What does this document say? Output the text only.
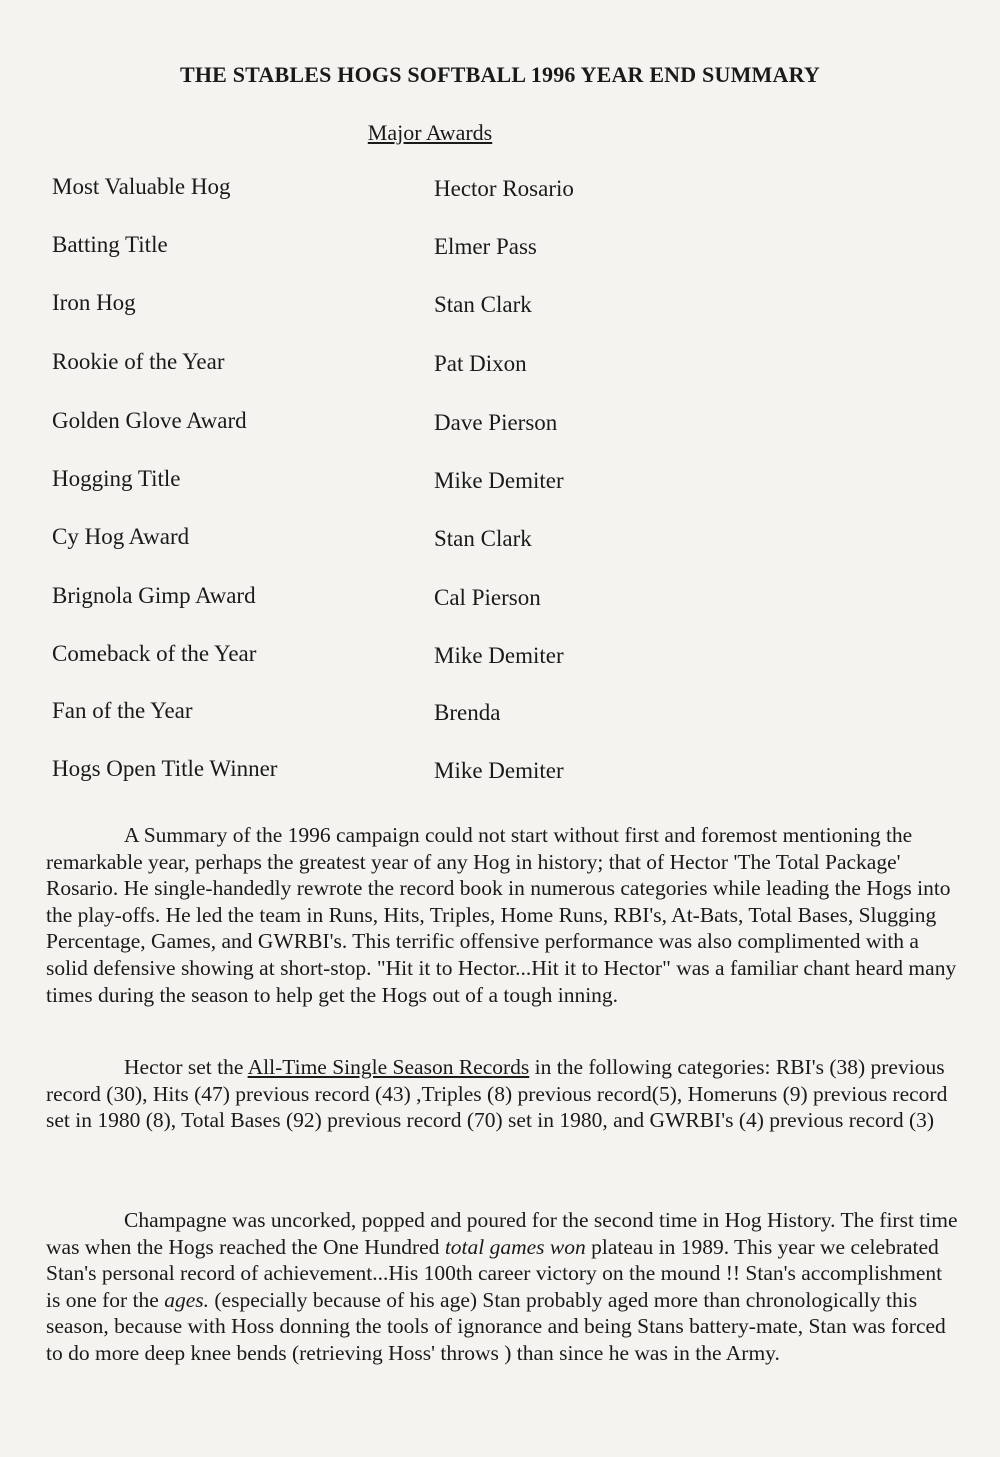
THE STABLES HOGS SOFTBALL 1996 YEAR END SUMMARY
Major Awards
Most Valuable Hog	Hector Rosario
Batting Title	Elmer Pass
Iron Hog	Stan Clark
Rookie of the Year	Pat Dixon
Golden Glove Award	Dave Pierson
Hogging Title	Mike Demiter
Cy Hog Award	Stan Clark
Brignola Gimp Award	Cal Pierson
Comeback of the Year	Mike Demiter
Fan of the Year	Brenda
Hogs Open Title Winner	Mike Demiter

A Summary of the 1996 campaign could not start without first and foremost mentioning the remarkable year, perhaps the greatest year of any Hog in history; that of Hector 'The Total Package' Rosario. He single-handedly rewrote the record book in numerous categories while leading the Hogs into the play-offs. He led the team in Runs, Hits, Triples, Home Runs, RBI's, At-Bats, Total Bases, Slugging Percentage, Games, and GWRBI's. This terrific offensive performance was also complimented with a solid defensive showing at short-stop. "Hit it to Hector...Hit it to Hector" was a familiar chant heard many times during the season to help get the Hogs out of a tough inning.

Hector set the All-Time Single Season Records in the following categories: RBI's (38) previous record (30), Hits (47) previous record (43) ,Triples (8) previous record(5), Homeruns (9) previous record set in 1980 (8), Total Bases (92) previous record (70) set in 1980, and GWRBI's (4) previous record (3)

Champagne was uncorked, popped and poured for the second time in Hog History. The first time was when the Hogs reached the One Hundred total games won plateau in 1989. This year we celebrated Stan's personal record of achievement...His 100th career victory on the mound !! Stan's accomplishment is one for the ages. (especially because of his age) Stan probably aged more than chronologically this season, because with Hoss donning the tools of ignorance and being Stans battery-mate, Stan was forced to do more deep knee bends (retrieving Hoss' throws ) than since he was in the Army.
